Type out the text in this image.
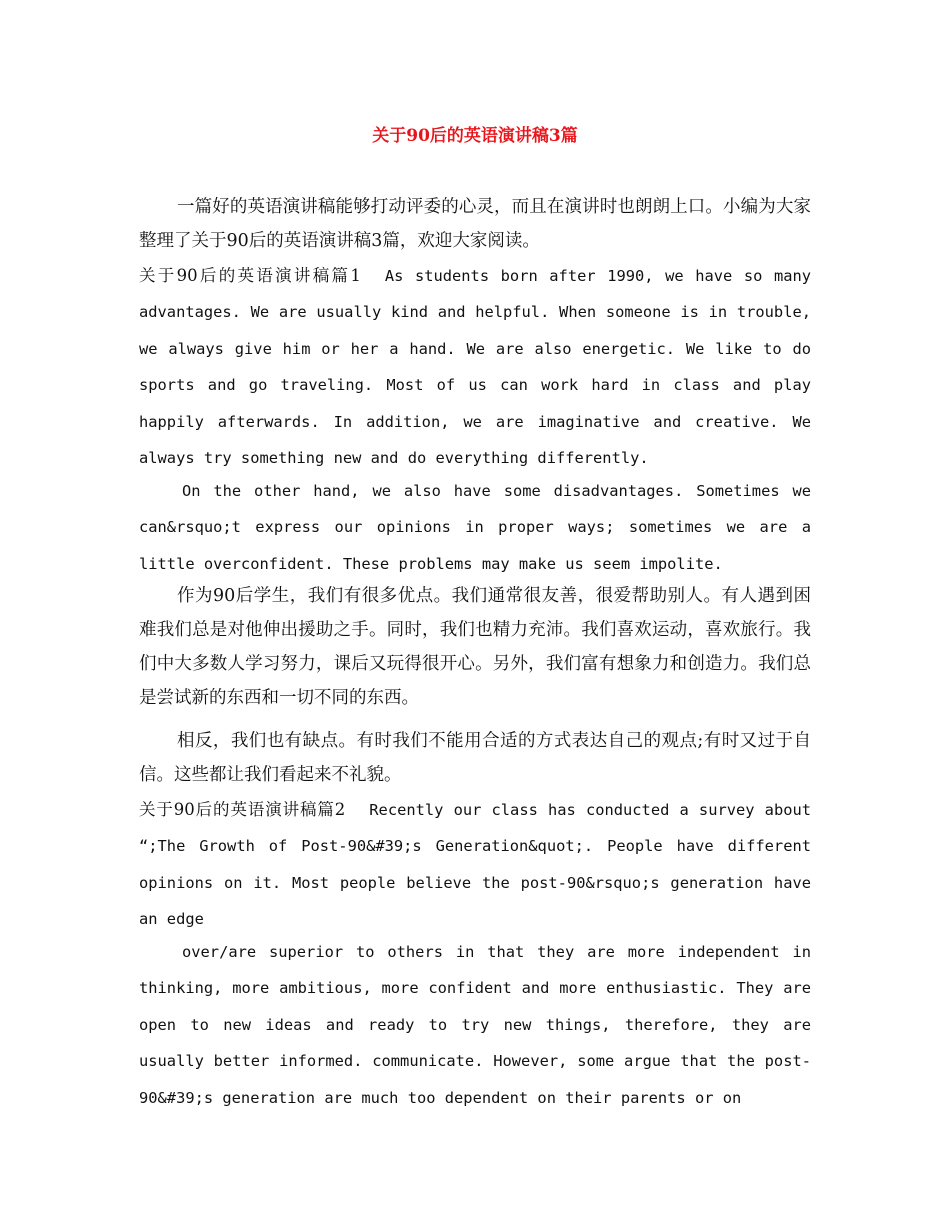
关于90后的英语演讲稿3篇

一篇好的英语演讲稿能够打动评委的心灵，而且在演讲时也朗朗上口。小编为大家整理了关于90后的英语演讲稿3篇，欢迎大家阅读。

关于90后的英语演讲稿篇1 As students born after 1990, we have so many advantages. We are usually kind and helpful. When someone is in trouble, we always give him or her a hand. We are also energetic. We like to do sports and go traveling. Most of us can work hard in class and play happily afterwards. In addition, we are imaginative and creative. We always try something new and do everything differently.

On the other hand, we also have some disadvantages. Sometimes we can&rsquo;t express our opinions in proper ways; sometimes we are a little overconfident. These problems may make us seem impolite.

作为90后学生，我们有很多优点。我们通常很友善，很爱帮助别人。有人遇到困难我们总是对他伸出援助之手。同时，我们也精力充沛。我们喜欢运动，喜欢旅行。我们中大多数人学习努力，课后又玩得很开心。另外，我们富有想象力和创造力。我们总是尝试新的东西和一切不同的东西。

相反，我们也有缺点。有时我们不能用合适的方式表达自己的观点;有时又过于自信。这些都让我们看起来不礼貌。

关于90后的英语演讲稿篇2 Recently our class has conducted a survey about “;The Growth of Post-90&#39;s Generation&quot;. People have different opinions on it. Most people believe the post-90&rsquo;s generation have an edge

over/are superior to others in that they are more independent in thinking, more ambitious, more confident and more enthusiastic. They are open to new ideas and ready to try new things, therefore, they are usually better informed. communicate. However, some argue that the post-90&#39;s generation are much too dependent on their parents or on
